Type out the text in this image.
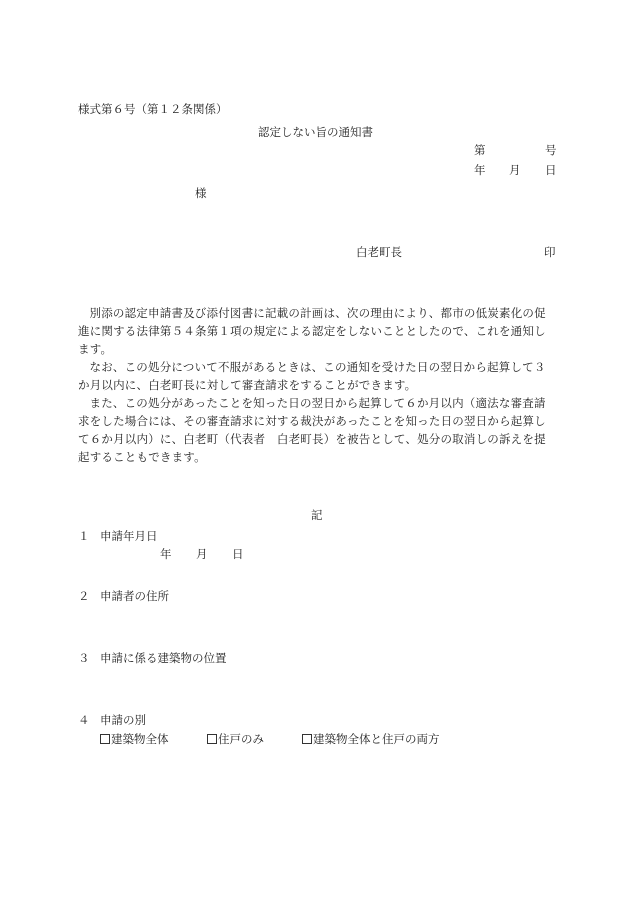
様式第６号（第１２条関係）
認定しない旨の通知書
第	号
年 月 日
様
白老町長	印

別添の認定申請書及び添付図書に記載の計画は、次の理由により、都市の低炭素化の促進に関する法律第５４条第１項の規定による認定をしないこととしたので、これを通知します。

なお、この処分について不服があるときは、この通知を受けた日の翌日から起算して３か月以内に、白老町長に対して審査請求をすることができます。

また、この処分があったことを知った日の翌日から起算して６か月以内（適法な審査請求をした場合には、その審査請求に対する裁決があったことを知った日の翌日から起算して６か月以内）に、白老町（代表者　白老町長）を被告として、処分の取消しの訴えを提起することもできます。

記
１ 申請年月日
年 月 日
２ 申請者の住所
３ 申請に係る建築物の位置
４ 申請の別
建築物全体	住戸のみ	建築物全体と住戸の両方
